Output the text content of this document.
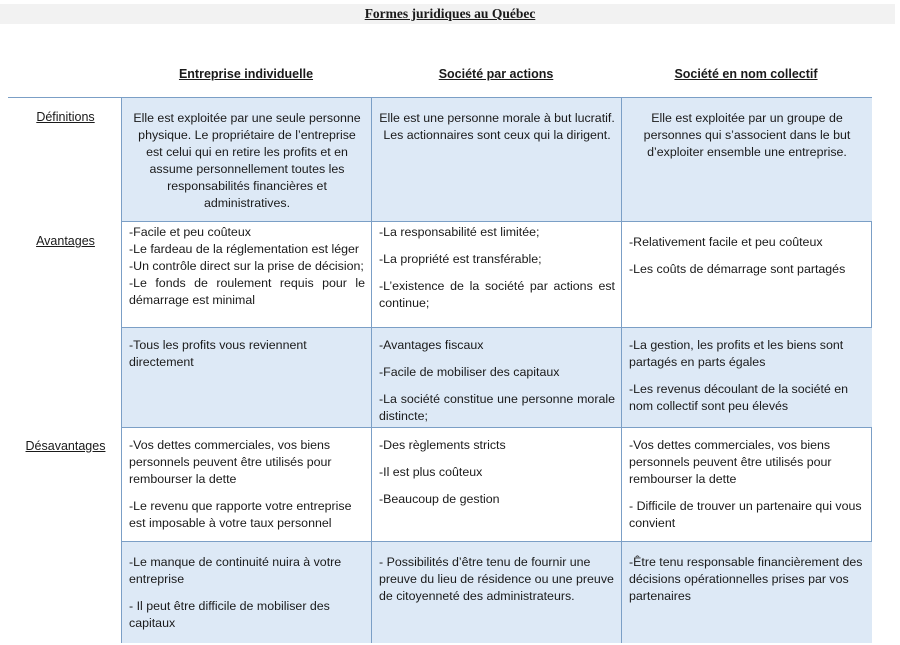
Formes juridiques au Québec
Entreprise individuelle	Société par actions	Société en nom collectif
Définitions
Avantages
Désavantages

Elle est exploitée par une seule personne physique. Le propriétaire de l’entreprise est celui qui en retire les profits et en assume personnellement toutes les responsabilités financières et administratives.

Elle est une personne morale à but lucratif. Les actionnaires sont ceux qui la dirigent.

Elle est exploitée par un groupe de personnes qui s’associent dans le but d’exploiter ensemble une entreprise.

-Facile et peu coûteux

-Le fardeau de la réglementation est léger

-Un contrôle direct sur la prise de décision;

-Le fonds de roulement requis pour le démarrage est minimal

-La responsabilité est limitée;

-La propriété est transférable;

-L’existence de la société par actions est continue;

-Relativement facile et peu coûteux

-Les coûts de démarrage sont partagés

-Tous les profits vous reviennent directement

-Avantages fiscaux

-Facile de mobiliser des capitaux

-La société constitue une personne morale distincte;

-La gestion, les profits et les biens sont partagés en parts égales

-Les revenus découlant de la société en nom collectif sont peu élevés

-Vos dettes commerciales, vos biens personnels peuvent être utilisés pour rembourser la dette

-Le revenu que rapporte votre entreprise est imposable à votre taux personnel

-Des règlements stricts

-Il est plus coûteux

-Beaucoup de gestion

-Vos dettes commerciales, vos biens personnels peuvent être utilisés pour rembourser la dette

- Difficile de trouver un partenaire qui vous convient

-Le manque de continuité nuira à votre entreprise

- Il peut être difficile de mobiliser des capitaux

- Possibilités d’être tenu de fournir une preuve du lieu de résidence ou une preuve de citoyenneté des administrateurs.

-Être tenu responsable financièrement des décisions opérationnelles prises par vos partenaires
